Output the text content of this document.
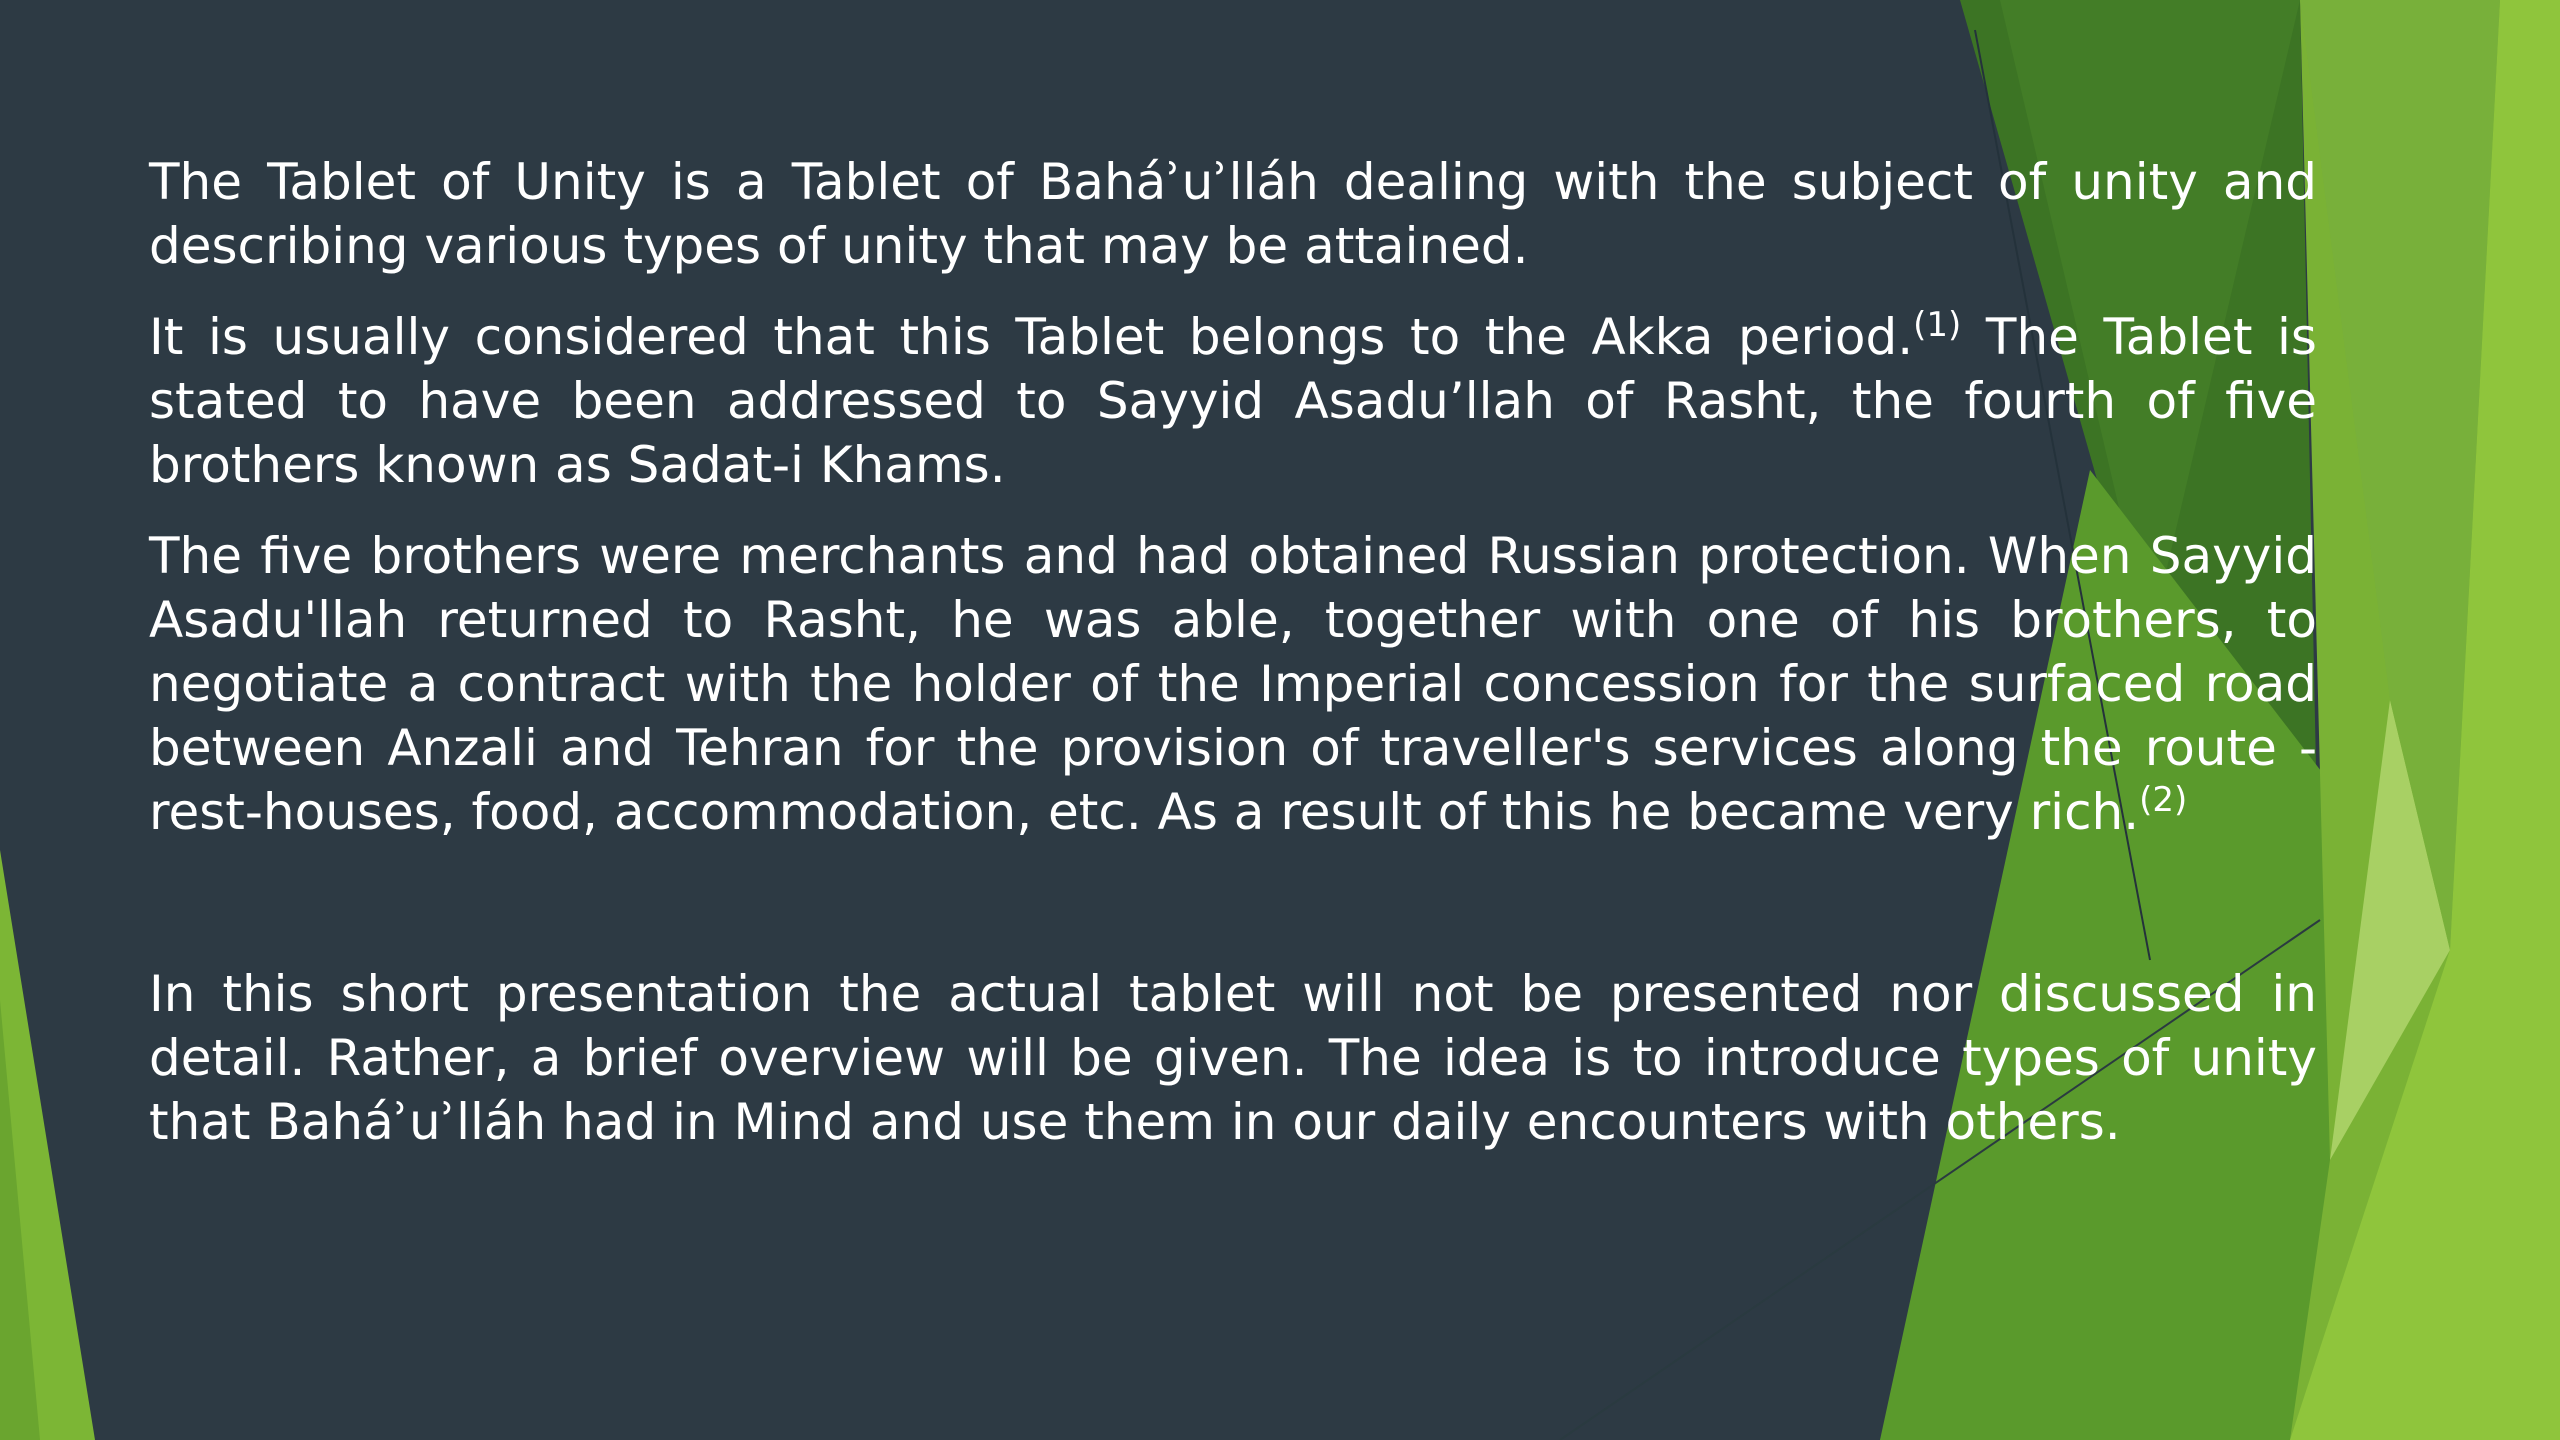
The Tablet of Unity is a Tablet of Baháʾuʾlláh dealing with the subject of unity and describing various types of unity that may be attained.

It is usually considered that this Tablet belongs to the Akka period.$^{(1)}$ The Tablet is stated to have been addressed to Sayyid Asadu’llah of Rasht, the fourth of five brothers known as Sadat-i Khams.

The five brothers were merchants and had obtained Russian protection. When Sayyid Asadu'llah returned to Rasht, he was able, together with one of his brothers, to negotiate a contract with the holder of the Imperial concession for the surfaced road between Anzali and Tehran for the provision of traveller's services along the route - rest-houses, food, accommodation, etc. As a result of this he became very rich.$^{(2)}$

In this short presentation the actual tablet will not be presented nor discussed in detail. Rather, a brief overview will be given. The idea is to introduce types of unity that Baháʾuʾlláh had in Mind and use them in our daily encounters with others.
